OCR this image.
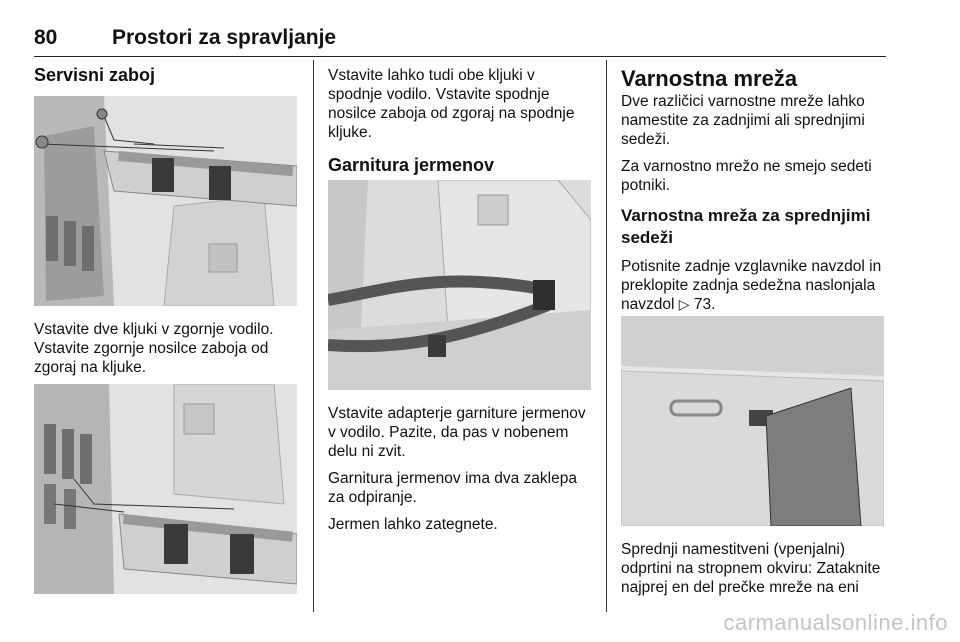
80	Prostori za spravljanje
Servisni zaboj

Vstavite dve kljuki v zgornje vodilo. Vstavite zgornje nosilce zaboja od zgoraj na kljuke.

Vstavite lahko tudi obe kljuki v spodnje vodilo. Vstavite spodnje nosilce zaboja od zgoraj na spodnje kljuke.

Garnitura jermenov

Vstavite adapterje garniture jermenov v vodilo. Pazite, da pas v nobenem delu ni zvit.

Garnitura jermenov ima dva zaklepa za odpiranje.

Jermen lahko zategnete.

Varnostna mreža

Dve različici varnostne mreže lahko namestite za zadnjimi ali sprednjimi sedeži.

Za varnostno mrežo ne smejo sedeti potniki.

Varnostna mreža za sprednjimi sedeži

Potisnite zadnje vzglavnike navzdol in preklopite zadnja sedežna naslonjala navzdol ▷ 73.

Sprednji namestitveni (vpenjalni) odprtini na stropnem okviru: Zataknite najprej en del prečke mreže na eni

carmanualsonline.info
